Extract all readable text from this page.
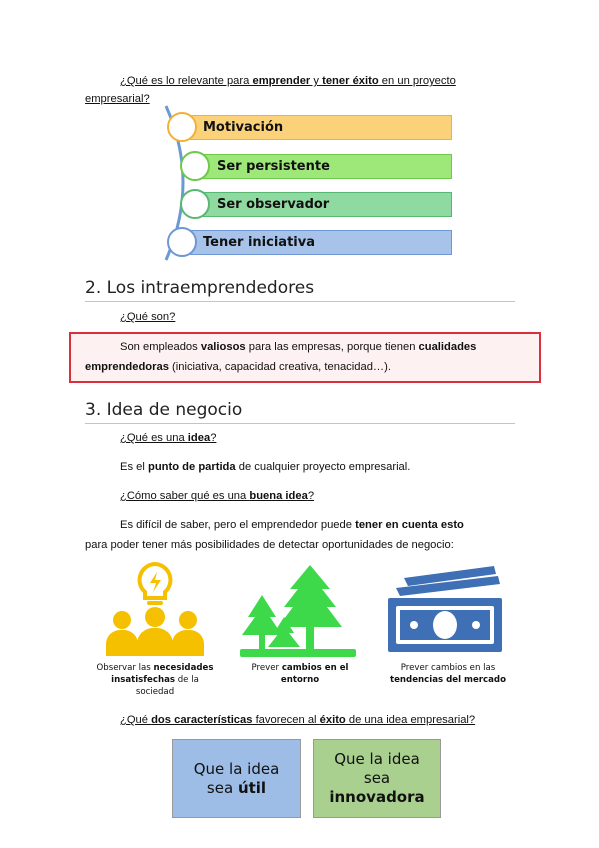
¿Qué es lo relevante para emprender y tener éxito en un proyecto
empresarial?
Motivación
Ser persistente
Ser observador
Tener iniciativa
2. Los intraemprendedores
¿Qué son?
Son empleados valiosos para las empresas, porque tienen cualidades
emprendedoras (iniciativa, capacidad creativa, tenacidad…).
3. Idea de negocio
¿Qué es una idea?
Es el punto de partida de cualquier proyecto empresarial.
¿Cómo saber qué es una buena idea?
Es difícil de saber, pero el emprendedor puede tener en cuenta esto
para poder tener más posibilidades de detectar oportunidades de negocio:
Observar las necesidades
insatisfechas de la
sociedad
Prever cambios en el
entorno
Prever cambios en las
tendencias del mercado
¿Qué dos características favorecen al éxito de una idea empresarial?
Que la idea
sea útil
Que la idea
sea
innovadora
